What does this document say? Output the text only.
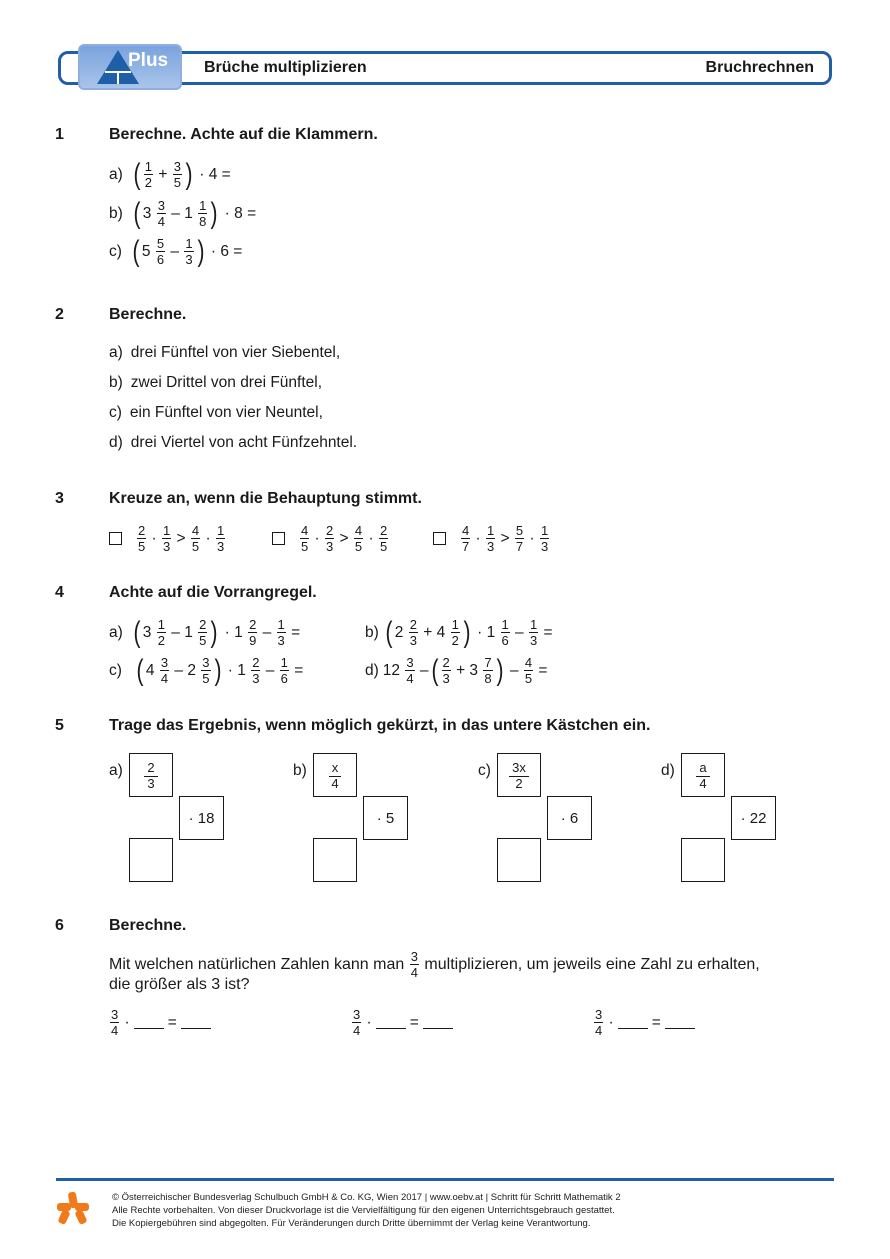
Plus Brüche multiplizieren	Bruchrechnen
1	Berechne. Achte auf die Klammern.
a) ( $\frac{1}{2} + \frac{3}{5}$ ) · 4 =
b) ( $3 \frac{3}{4} - 1 \frac{1}{8}$ ) · 8 =
c) ( $5 \frac{5}{6} - \frac{1}{3}$ ) · 6 =
2	Berechne.
a) drei Fünftel von vier Siebentel,
b) zwei Drittel von drei Fünftel,
c) ein Fünftel von vier Neuntel,
d) drei Viertel von acht Fünfzehntel.
3	Kreuze an, wenn die Behauptung stimmt.
$\frac{2}{5} \cdot \frac{1}{3} > \frac{4}{5} \cdot \frac{1}{3}$	$\frac{4}{5} \cdot \frac{2}{3} > \frac{4}{5} \cdot \frac{2}{5}$	$\frac{4}{7} \cdot \frac{1}{3} > \frac{5}{7} \cdot \frac{1}{3}$
4	Achte auf die Vorrangregel.
a) ( $3 \frac{1}{2} - 1 \frac{2}{5}$ ) · $1 \frac{2}{9} - \frac{1}{3}$ =	b) ( $2 \frac{2}{3} + 4 \frac{1}{2}$ ) · $1 \frac{1}{6} - \frac{1}{3}$ =
c) ( $4 \frac{3}{4} - 2 \frac{3}{5}$ ) · $1 \frac{2}{3} - \frac{1}{6}$ =	d) $12 \frac{3}{4}$ – ( $\frac{2}{3} + 3 \frac{7}{8}$ ) – $\frac{4}{5}$ =
5	Trage das Ergebnis, wenn möglich gekürzt, in das untere Kästchen ein.
a) 2
3
· 18
b) x
4
· 5
c) 3x
2
· 6
d) a
4
· 22
6	Berechne.
Mit welchen natürlichen Zahlen kann man
$\frac{3}{4}$
multiplizieren, um jeweils eine Zahl zu erhalten,
die größer als 3 ist?
$\frac{3}{4}$
· =	$\frac{3}{4}$
· =	$\frac{3}{4}$
· =
© Österreichischer Bundesverlag Schulbuch GmbH & Co. KG, Wien 2017 | www.oebv.at | Schritt für Schritt Mathematik 2
Alle Rechte vorbehalten. Von dieser Druckvorlage ist die Vervielfältigung für den eigenen Unterrichtsgebrauch gestattet.
Die Kopiergebühren sind abgegolten. Für Veränderungen durch Dritte übernimmt der Verlag keine Verantwortung.
